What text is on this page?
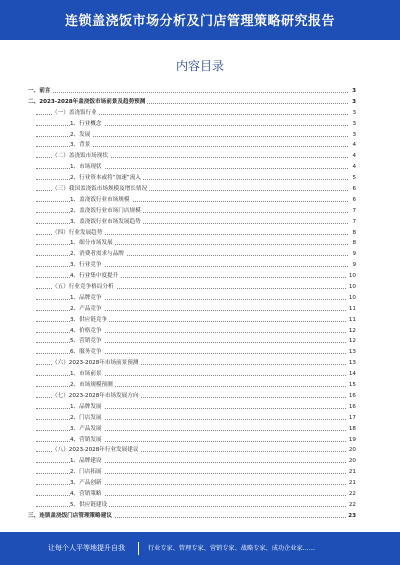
连锁盖浇饭市场分析及门店管理策略研究报告
内容目录
一、前言	3
二、2023-2028年盖浇饭市场前景及趋势预测	3
（一）盖浇饭行业	3
1、行业概念	3
2、发展	3
3、背景	4
（二）盖浇饭市场现状	4
1、市场现状	4
2、行业资本或将“加速”流入	5
（三）我国盖浇饭市场规模及增长情况	6
1、盖浇饭行业市场规模	6
2、盖浇饭行业市场门店规模	7
3、盖浇饭行业市场发展趋势	7
（四）行业发展趋势	8
1、细分市场发展	8
2、消费者需求与品牌	9
3、行业竞争	9
4、行业集中度提升	10
（五）行业竞争格局分析	10
1、品牌竞争	10
2、产品竞争	11
3、供应链竞争	11
4、价格竞争	12
5、营销竞争	12
6、服务竞争	13
（六）2023-2028年市场前景预测	13
1、市场前景	14
2、市场规模预测	15
（七）2023-2028年市场发展方向	16
1、品牌发展	16
2、门店发展	17
3、产品发展	18
4、营销发展	19
（八）2023-2028年行业发展建议	20
1、品牌建设	20
2、门店拓展	21
3、产品创新	21
4、营销策略	22
5、供应链建设	22
三、连锁盖浇饭门店管理策略建议	23
让每个人平等地提升自我	行业专家、管理专家、营销专家、战略专家、成功企业家……
